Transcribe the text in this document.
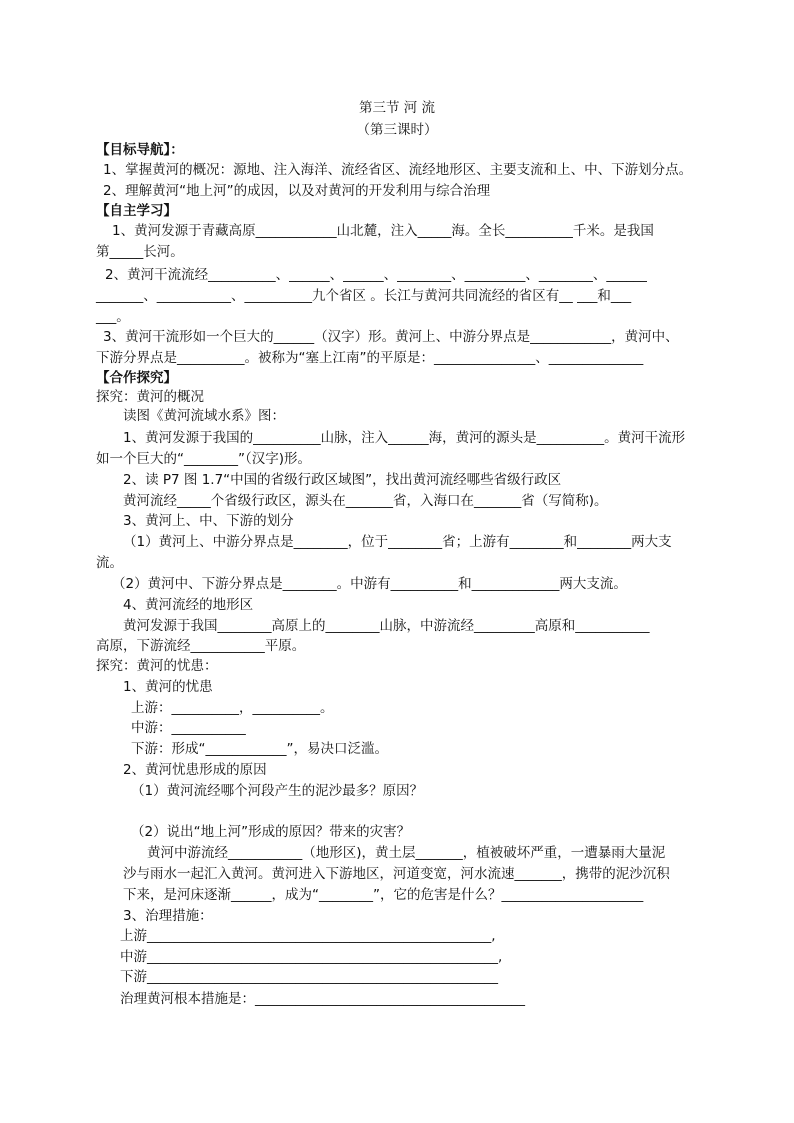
第三节 河 流
（第三课时）
【目标导航】：
1、掌握黄河的概况：源地、注入海洋、流经省区、流经地形区、主要支流和上、中、下游划分点。
2、理解黄河“地上河”的成因，以及对黄河的开发利用与综合治理
【自主学习】
1、黄河发源于青藏高原____________山北麓，注入_____海。全长__________千米。是我国
第_____长河。
2、黄河干流流经__________、______、______、________、_________、________、______
_______、___________、__________九个省区 。长江与黄河共同流经的省区有__ ___和___
___。
3、黄河干流形如一个巨大的______（汉字）形。黄河上、中游分界点是____________，黄河中、
下游分界点是__________。被称为“塞上江南”的平原是：_______________、______________
【合作探究】
探究：黄河的概况
读图《黄河流域水系》图：
1、黄河发源于我国的__________山脉，注入______海，黄河的源头是__________。黄河干流形
如一个巨大的“________”（汉字)形。
2、读 P7 图 1.7“中国的省级行政区域图”，找出黄河流经哪些省级行政区
黄河流经_____个省级行政区，源头在_______省，入海口在_______省（写简称)。
3、黄河上、中、下游的划分
（1）黄河上、中游分界点是________，位于________省；上游有________和________两大支
流。
（2）黄河中、下游分界点是________。中游有__________和_____________两大支流。
4、黄河流经的地形区
黄河发源于我国________高原上的________山脉，中游流经_________高原和___________
高原，下游流经___________平原。
探究：黄河的忧患：
1、黄河的忧患
上游：__________，__________。
中游：___________
下游：形成“____________”，易决口泛滥。
2、黄河忧患形成的原因
（1）黄河流经哪个河段产生的泥沙最多？原因？
（2）说出“地上河”形成的原因？带来的灾害？
黄河中游流经___________（地形区)，黄土层_______，植被破坏严重，一遭暴雨大量泥
沙与雨水一起汇入黄河。黄河进入下游地区，河道变宽，河水流速_______，携带的泥沙沉积
下来，是河床逐渐______，成为“________”，它的危害是什么？_____________________
3、治理措施：
上游___________________________________________________,
中游____________________________________________________,
下游____________________________________________________
治理黄河根本措施是：________________________________________
